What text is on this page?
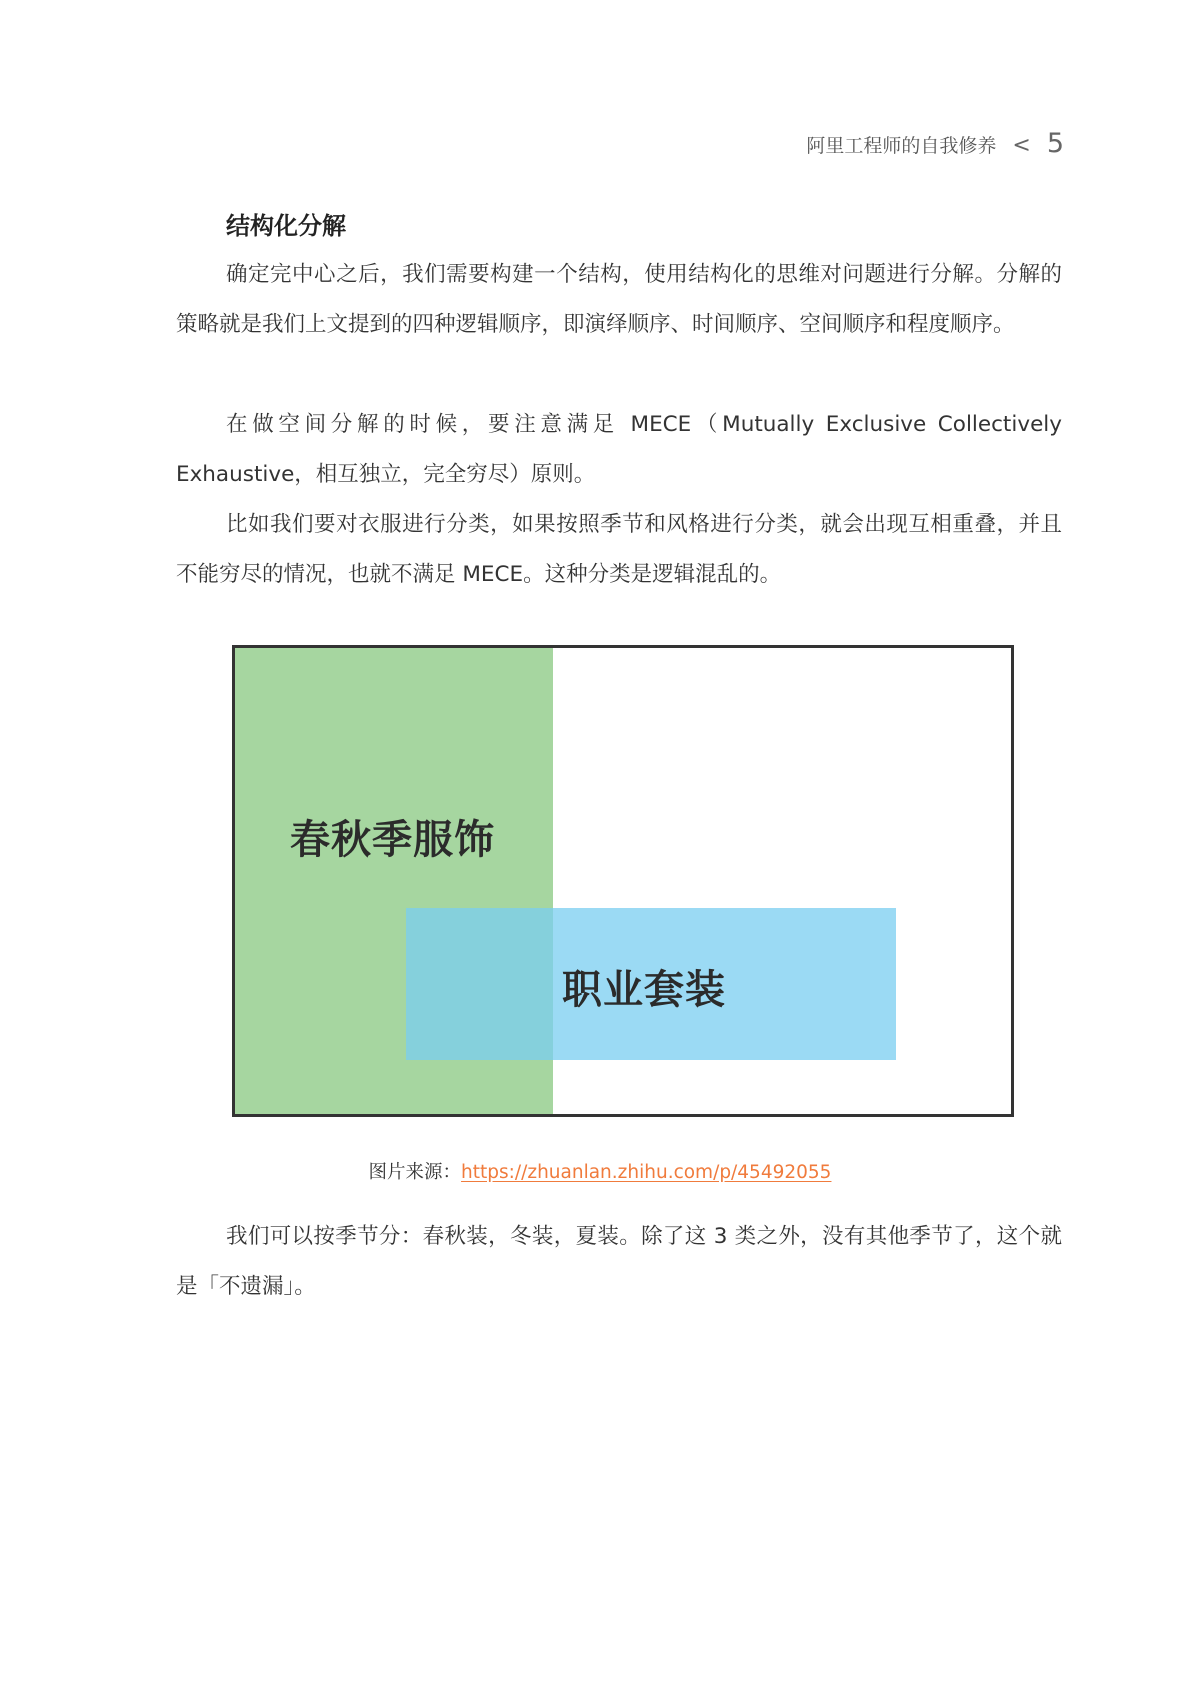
阿里工程师的自我修养 < 5
结构化分解

确定完中心之后，我们需要构建一个结构，使用结构化的思维对问题进行分解。分解的策略就是我们上文提到的四种逻辑顺序，即演绎顺序、时间顺序、空间顺序和程度顺序。

在做空间分解的时候，要注意满足 MECE（Mutually Exclusive Collectively Exhaustive，相互独立，完全穷尽）原则。

比如我们要对衣服进行分类，如果按照季节和风格进行分类，就会出现互相重叠，并且不能穷尽的情况，也就不满足 MECE。这种分类是逻辑混乱的。

我们可以按季节分：春秋装，冬装，夏装。除了这 3 类之外，没有其他季节了，这个就是「不遗漏」。

春秋季服饰
职业套装
图片来源：https://zhuanlan.zhihu.com/p/45492055
